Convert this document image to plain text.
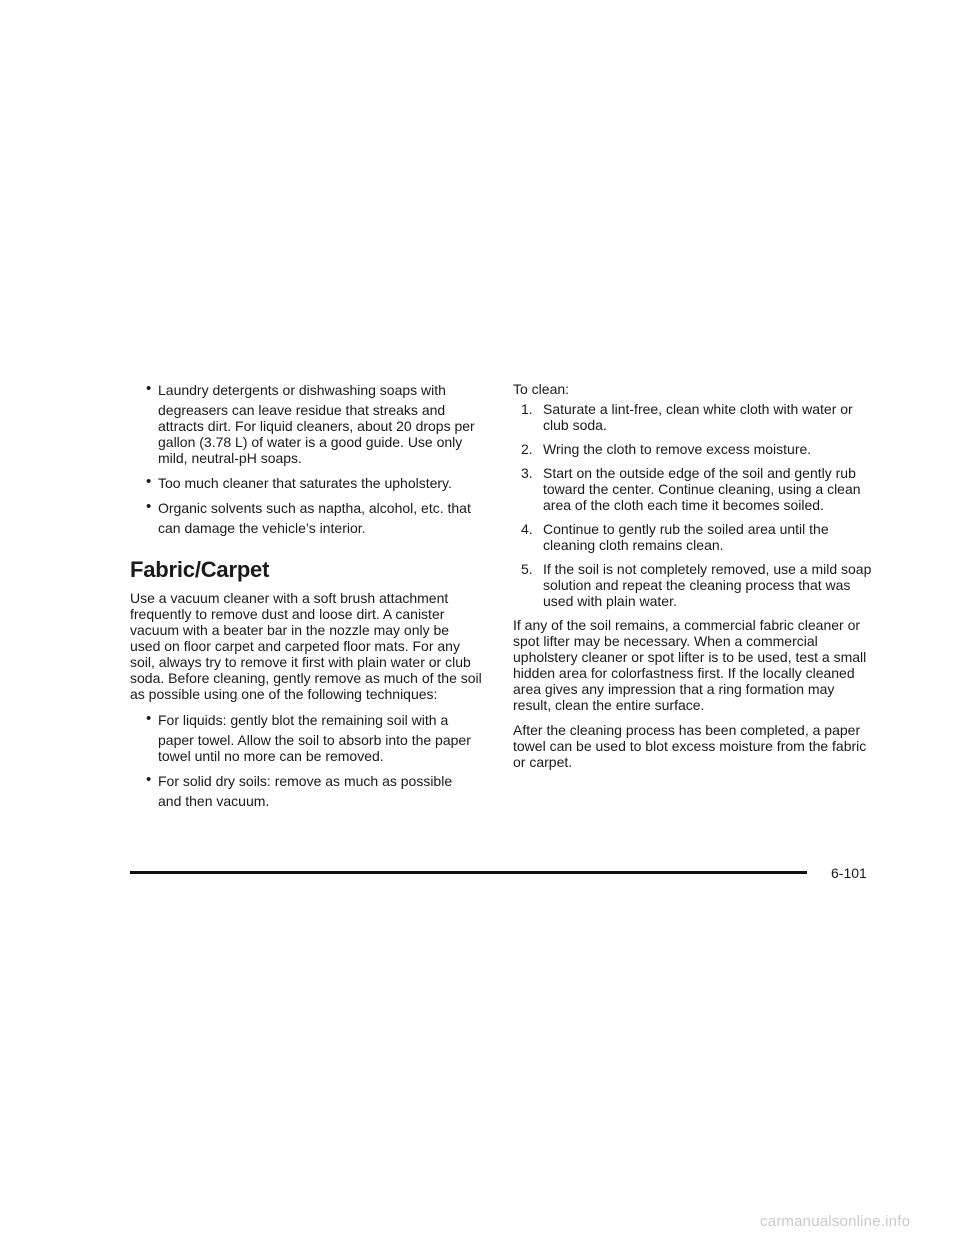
• Laundry detergents or dishwashing soaps with
degreasers can leave residue that streaks and attracts dirt. For liquid cleaners, about 20 drops per gallon (3.78 L) of water is a good guide. Use only mild, neutral-pH soaps.
• Too much cleaner that saturates the upholstery.
• Organic solvents such as naptha, alcohol, etc. that
can damage the vehicle’s interior.
Fabric/Carpet

Use a vacuum cleaner with a soft brush attachment frequently to remove dust and loose dirt. A canister vacuum with a beater bar in the nozzle may only be used on floor carpet and carpeted floor mats. For any soil, always try to remove it first with plain water or club soda. Before cleaning, gently remove as much of the soil as possible using one of the following techniques:

• For liquids: gently blot the remaining soil with a
paper towel. Allow the soil to absorb into the paper towel until no more can be removed.
• For solid dry soils: remove as much as possible
and then vacuum.

To clean:

1. Saturate a lint-free, clean white cloth with water or club soda.
2. Wring the cloth to remove excess moisture.
3. Start on the outside edge of the soil and gently rub toward the center. Continue cleaning, using a clean area of the cloth each time it becomes soiled.
4. Continue to gently rub the soiled area until the cleaning cloth remains clean.
5. If the soil is not completely removed, use a mild soap solution and repeat the cleaning process that was used with plain water.

If any of the soil remains, a commercial fabric cleaner or spot lifter may be necessary. When a commercial upholstery cleaner or spot lifter is to be used, test a small hidden area for colorfastness first. If the locally cleaned area gives any impression that a ring formation may result, clean the entire surface.

After the cleaning process has been completed, a paper towel can be used to blot excess moisture from the fabric or carpet.

6-101
carmanualsonline.info
